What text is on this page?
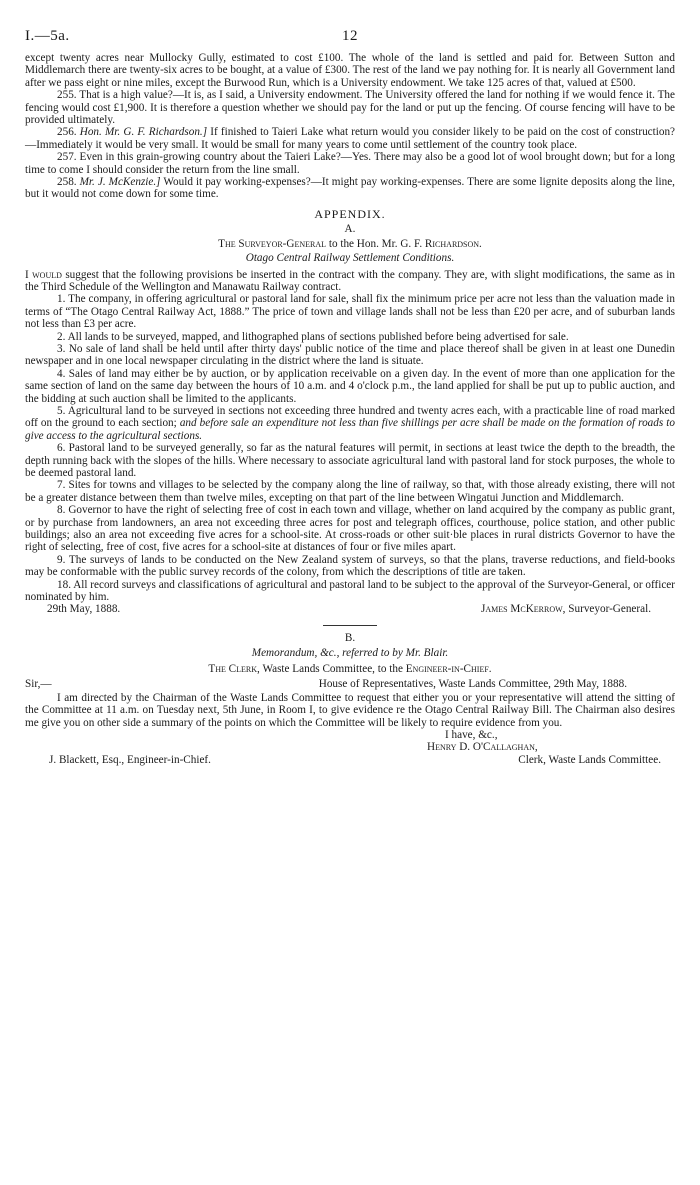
I.—5a.	12

except twenty acres near Mullocky Gully, estimated to cost £100. The whole of the land is settled and paid for. Between Sutton and Middlemarch there are twenty-six acres to be bought, at a value of £300. The rest of the land we pay nothing for. It is nearly all Government land after we pass eight or nine miles, except the Burwood Run, which is a University endowment. We take 125 acres of that, valued at £500.

255. That is a high value?—It is, as I said, a University endowment. The University offered the land for nothing if we would fence it. The fencing would cost £1,900. It is therefore a question whether we should pay for the land or put up the fencing. Of course fencing will have to be provided ultimately.

256. Hon. Mr. G. F. Richardson.] If finished to Taieri Lake what return would you consider likely to be paid on the cost of construction?—Immediately it would be very small. It would be small for many years to come until settlement of the country took place.

257. Even in this grain-growing country about the Taieri Lake?—Yes. There may also be a good lot of wool brought down; but for a long time to come I should consider the return from the line small.

258. Mr. J. McKenzie.] Would it pay working-expenses?—It might pay working-expenses. There are some lignite deposits along the line, but it would not come down for some time.

APPENDIX.
A.
The Surveyor-General to the Hon. Mr. G. F. Richardson.
Otago Central Railway Settlement Conditions.

I would suggest that the following provisions be inserted in the contract with the company. They are, with slight modifications, the same as in the Third Schedule of the Wellington and Manawatu Railway contract.

1. The company, in offering agricultural or pastoral land for sale, shall fix the minimum price per acre not less than the valuation made in terms of “The Otago Central Railway Act, 1888.” The price of town and village lands shall not be less than £20 per acre, and of suburban lands not less than £3 per acre.

2. All lands to be surveyed, mapped, and lithographed plans of sections published before being advertised for sale.

3. No sale of land shall be held until after thirty days' public notice of the time and place thereof shall be given in at least one Dunedin newspaper and in one local newspaper circulating in the district where the land is situate.

4. Sales of land may either be by auction, or by application receivable on a given day. In the event of more than one application for the same section of land on the same day between the hours of 10 a.m. and 4 o'clock p.m., the land applied for shall be put up to public auction, and the bidding at such auction shall be limited to the applicants.

5. Agricultural land to be surveyed in sections not exceeding three hundred and twenty acres each, with a practicable line of road marked off on the ground to each section; and before sale an expenditure not less than five shillings per acre shall be made on the formation of roads to give access to the agricultural sections.

6. Pastoral land to be surveyed generally, so far as the natural features will permit, in sections at least twice the depth to the breadth, the depth running back with the slopes of the hills. Where necessary to associate agricultural land with pastoral land for stock purposes, the whole to be deemed pastoral land.

7. Sites for towns and villages to be selected by the company along the line of railway, so that, with those already existing, there will not be a greater distance between them than twelve miles, excepting on that part of the line between Wingatui Junction and Middlemarch.

8. Governor to have the right of selecting free of cost in each town and village, whether on land acquired by the company as public grant, or by purchase from landowners, an area not exceeding three acres for post and telegraph offices, courthouse, police station, and other public buildings; also an area not exceeding five acres for a school-site. At cross-roads or other suit·ble places in rural districts Governor to have the right of selecting, free of cost, five acres for a school-site at distances of four or five miles apart.

9. The surveys of lands to be conducted on the New Zealand system of surveys, so that the plans, traverse reductions, and field-books may be conformable with the public survey records of the colony, from which the descriptions of title are taken.

18. All record surveys and classifications of agricultural and pastoral land to be subject to the approval of the Surveyor-General, or officer nominated by him.

29th May, 1888.	James McKerrow, Surveyor-General.
B.
Memorandum, &c., referred to by Mr. Blair.
The Clerk, Waste Lands Committee, to the Engineer-in-Chief.
Sir,—	House of Representatives, Waste Lands Committee, 29th May, 1888.

I am directed by the Chairman of the Waste Lands Committee to request that either you or your representative will attend the sitting of the Committee at 11 a.m. on Tuesday next, 5th June, in Room I, to give evidence re the Otago Central Railway Bill. The Chairman also desires me give you on other side a summary of the points on which the Committee will be likely to require evidence from you.

I have, &c.,
Henry D. O'Callaghan,
J. Blackett, Esq., Engineer-in-Chief.	Clerk, Waste Lands Committee.
